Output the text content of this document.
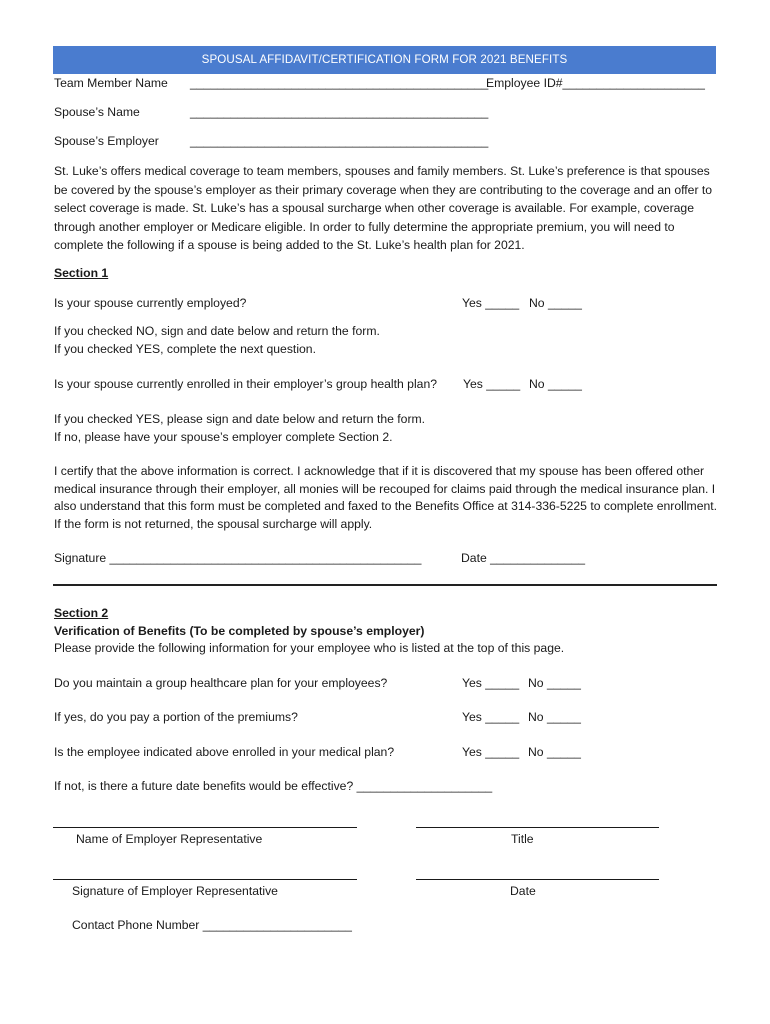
SPOUSAL AFFIDAVIT/CERTIFICATION FORM FOR 2021 BENEFITS
Team Member Name ____________________________________________
Employee ID#_____________________
Spouse’s Name	____________________________________________
Spouse’s Employer	____________________________________________
St. Luke’s offers medical coverage to team members, spouses and family members. St. Luke’s preference is that spouses be covered by the spouse’s employer as their primary coverage when they are contributing to the coverage and an offer to select coverage is made. St. Luke’s has a spousal surcharge when other coverage is available. For example, coverage through another employer or Medicare eligible. In order to fully determine the appropriate premium, you will need to complete the following if a spouse is being added to the St. Luke’s health plan for 2021.
Section 1
Is your spouse currently employed?	Yes _____ No _____
If you checked NO, sign and date below and return the form.
If you checked YES, complete the next question.
Is your spouse currently enrolled in their employer’s group health plan? Yes _____ No _____
If you checked YES, please sign and date below and return the form.
If no, please have your spouse’s employer complete Section 2.
I certify that the above information is correct. I acknowledge that if it is discovered that my spouse has been offered other medical insurance through their employer, all monies will be recouped for claims paid through the medical insurance plan. I also understand that this form must be completed and faxed to the Benefits Office at 314-336-5225 to complete enrollment. If the form is not returned, the spousal surcharge will apply.
Signature ______________________________________________	Date ______________
Section 2
Verification of Benefits (To be completed by spouse’s employer)
Please provide the following information for your employee who is listed at the top of this page.
Do you maintain a group healthcare plan for your employees?	Yes _____ No _____
If yes, do you pay a portion of the premiums?	Yes _____ No _____
Is the employee indicated above enrolled in your medical plan?	Yes _____ No _____
If not, is there a future date benefits would be effective? ____________________
Name of Employer Representative	Title
Signature of Employer Representative	Date
Contact Phone Number ______________________
